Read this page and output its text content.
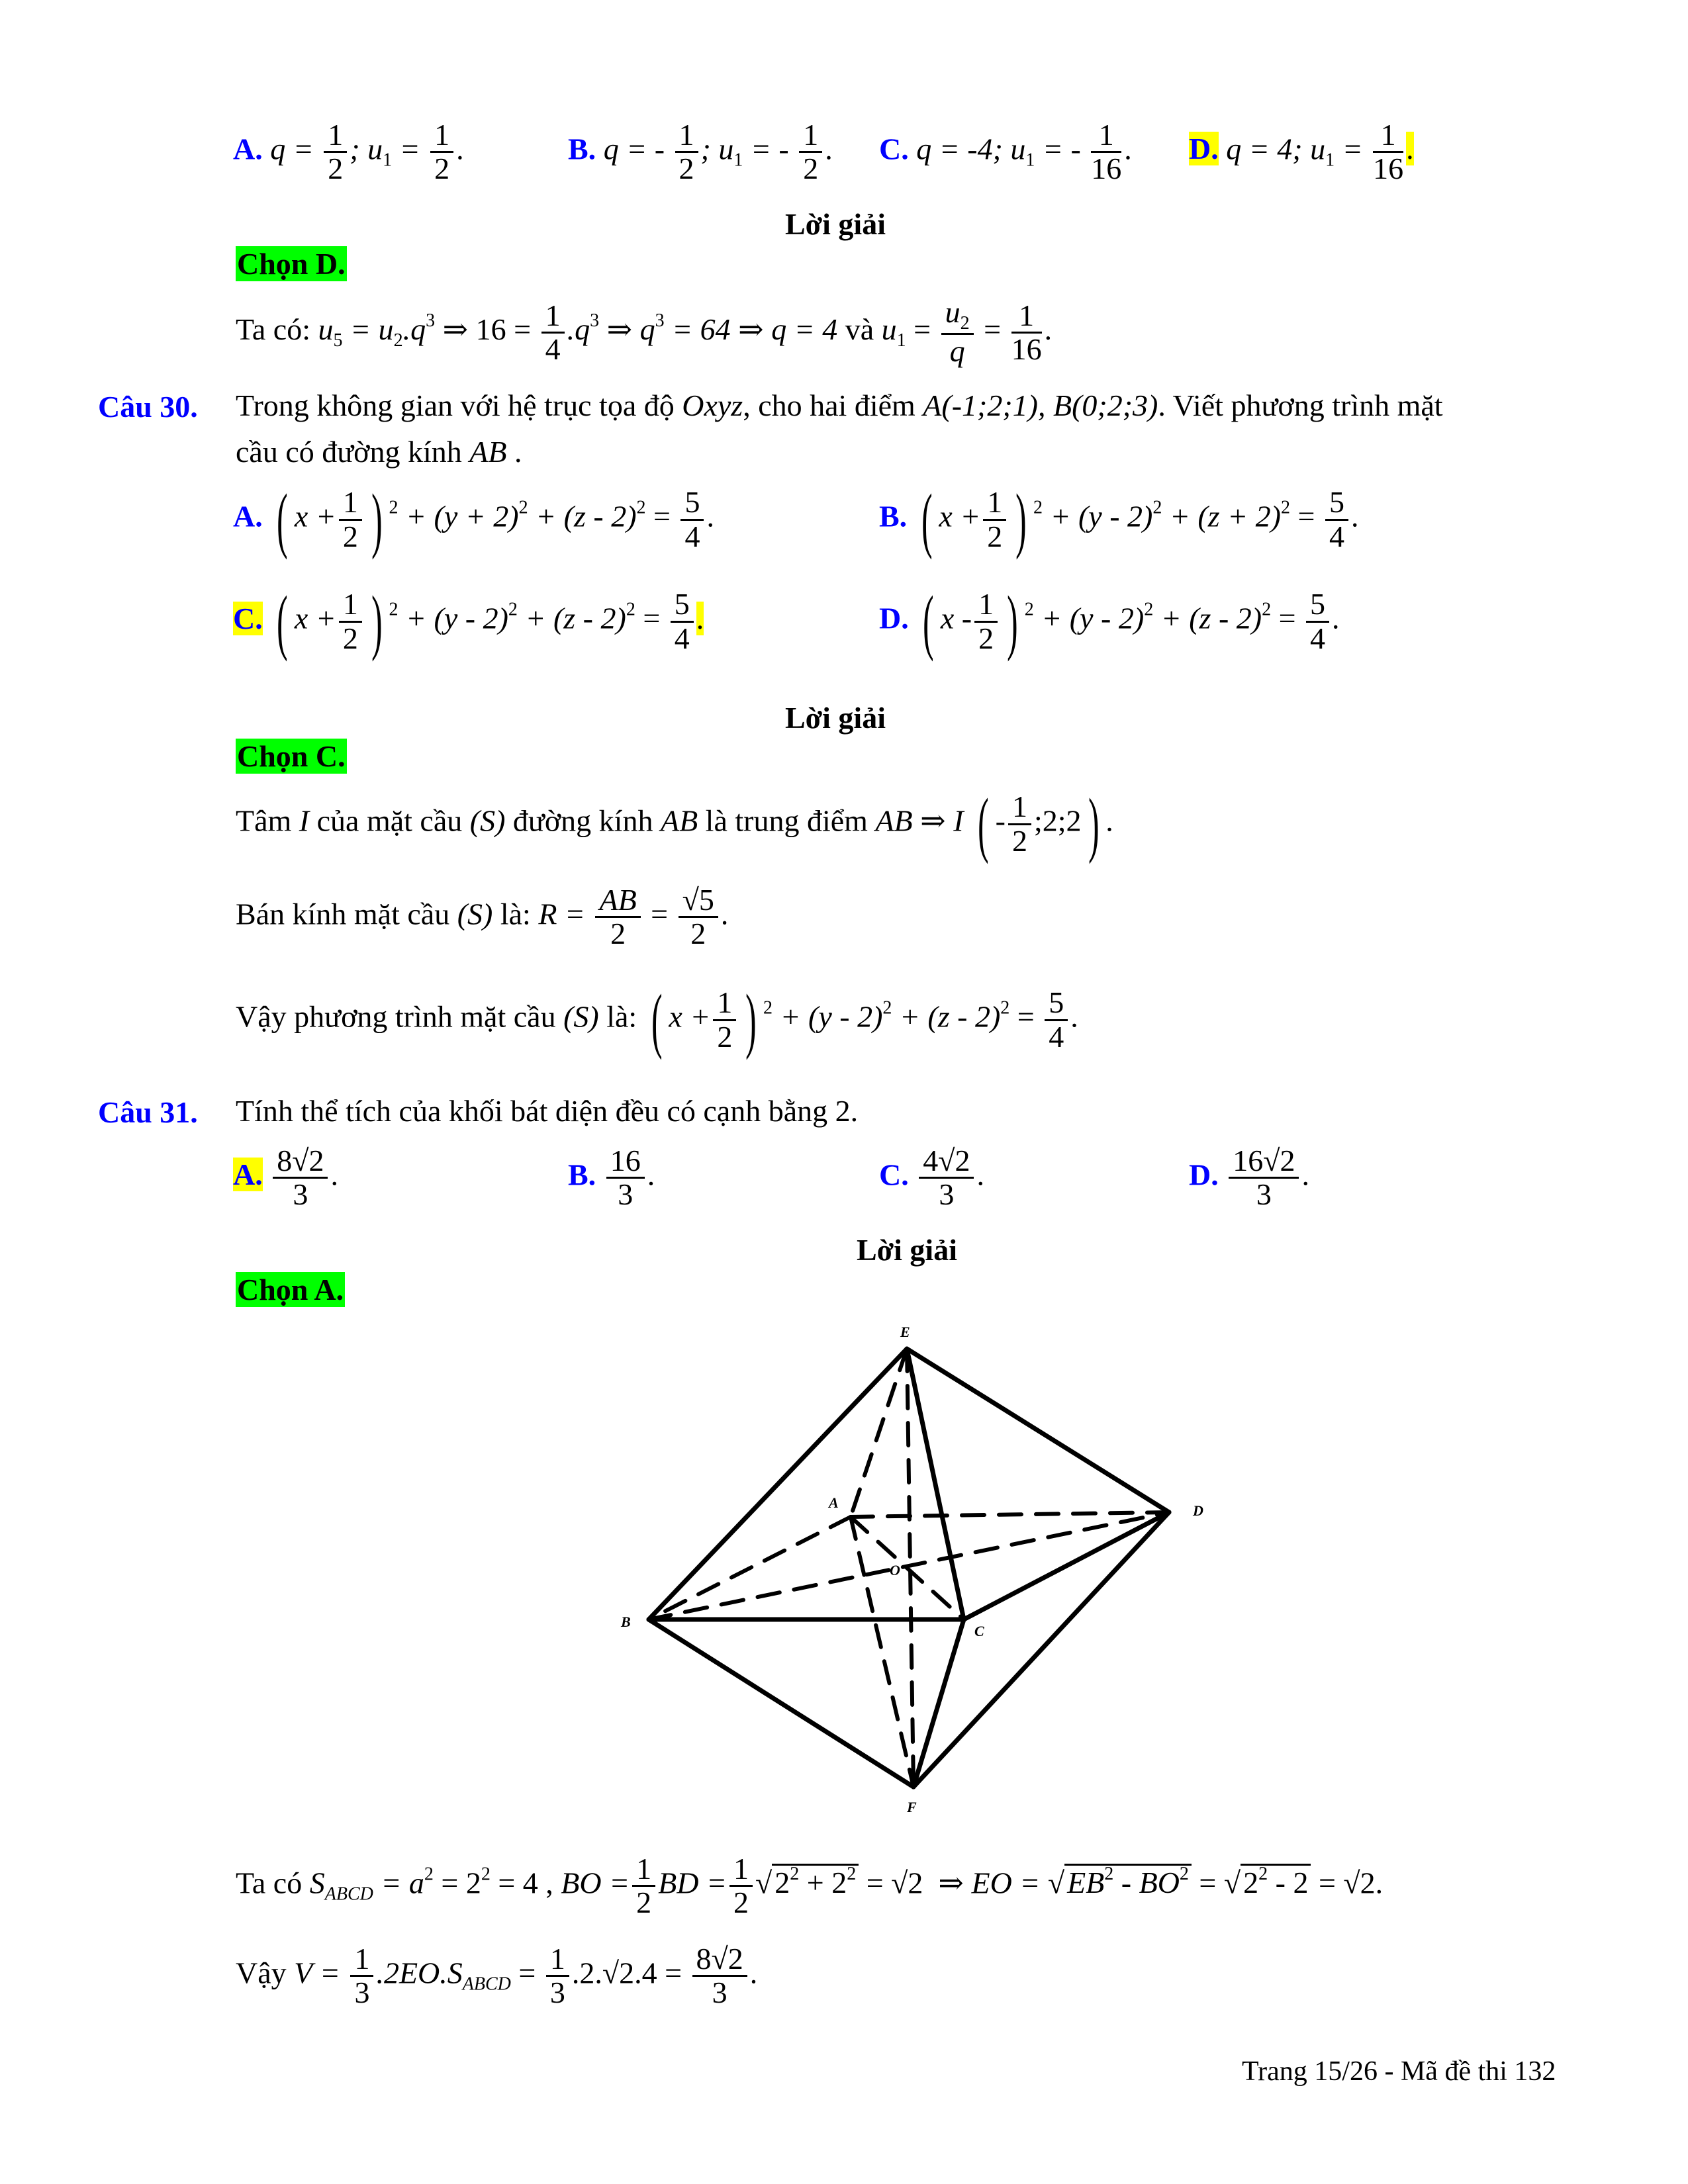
A. $q = \frac{1}{2}$ ; $u_1 = \frac{1}{2}$ .	B. q = - $\frac{1}{2}$ ; $u_1$ = - $\frac{1}{2}$ . C. q = -4; $u_1$ = - $\frac{1}{16}$ . D. q = 4; $u_1 = \frac{1}{16}$ .
Lời giải
Chọn D.
Ta có: $u_5 = u_2.q^3$ ⇒ $16 = \frac{1}{4} .q^3$ ⇒ $q^3 = 64$ ⇒ q = 4 và $u_1 = \frac{u_2}{q} = \frac{1}{16}$ .
Câu 30. Trong không gian với hệ trục tọa độ Oxyz, cho hai điểm A(-1;2;1), B(0;2;3). Viết phương trình mặt
cầu có đường kính AB .
A. ( $x + \frac{1}{2}$ ) $^2 + (y + 2)^2 + (z - 2)^2 = \frac{5}{4}$ .	B. ( $x + \frac{1}{2}$ ) $^2 + (y - 2)^2 + (z + 2)^2 = \frac{5}{4}$ .
C. ( $x + \frac{1}{2}$ ) $^2 + (y - 2)^2 + (z - 2)^2 = \frac{5}{4}$ .	D. ( x - $\frac{1}{2}$ ) $^2 + (y - 2)^2 + (z - 2)^2 = \frac{5}{4}$ .
Lời giải
Chọn C.
Tâm I của mặt cầu (S) đường kính AB là trung điểm AB ⇒ I ( - $\frac{1}{2}$ ;2;2) .
Bán kính mặt cầu (S) là: $R = \frac{AB}{2} = \frac{√5}{2}$ .
Vậy phương trình mặt cầu (S) là: ( $x + \frac{1}{2}$ ) $^2 + (y - 2)^2 + (z - 2)^2 = \frac{5}{4}$ .
Câu 31. Tính thể tích của khối bát diện đều có cạnh bằng 2.
A. $\frac{8√2}{3}$ .	B. $\frac{16}{3}$ .	C. $\frac{4√2}{3}$ .	D. $\frac{16√2}{3}$ .
Lời giải
Chọn A.
E
A	D
O
B
C
F
Ta có $S_{ABCD} = a^2 = 2^2 = 4$ , BO = $\frac{1}{2}$ BD = $\frac{1}{2} √2^2 + 2^2 = √2$ ⇒ EO = $√EB^2 - BO^2 = √2^2 - 2 = √2$.
Vậy $V = \frac{1}{3} .2EO.S_{ABCD} = \frac{1}{3} .2.√2.4 = \frac{8√2}{3}$ .
Trang 15/26 - Mã đề thi 132
